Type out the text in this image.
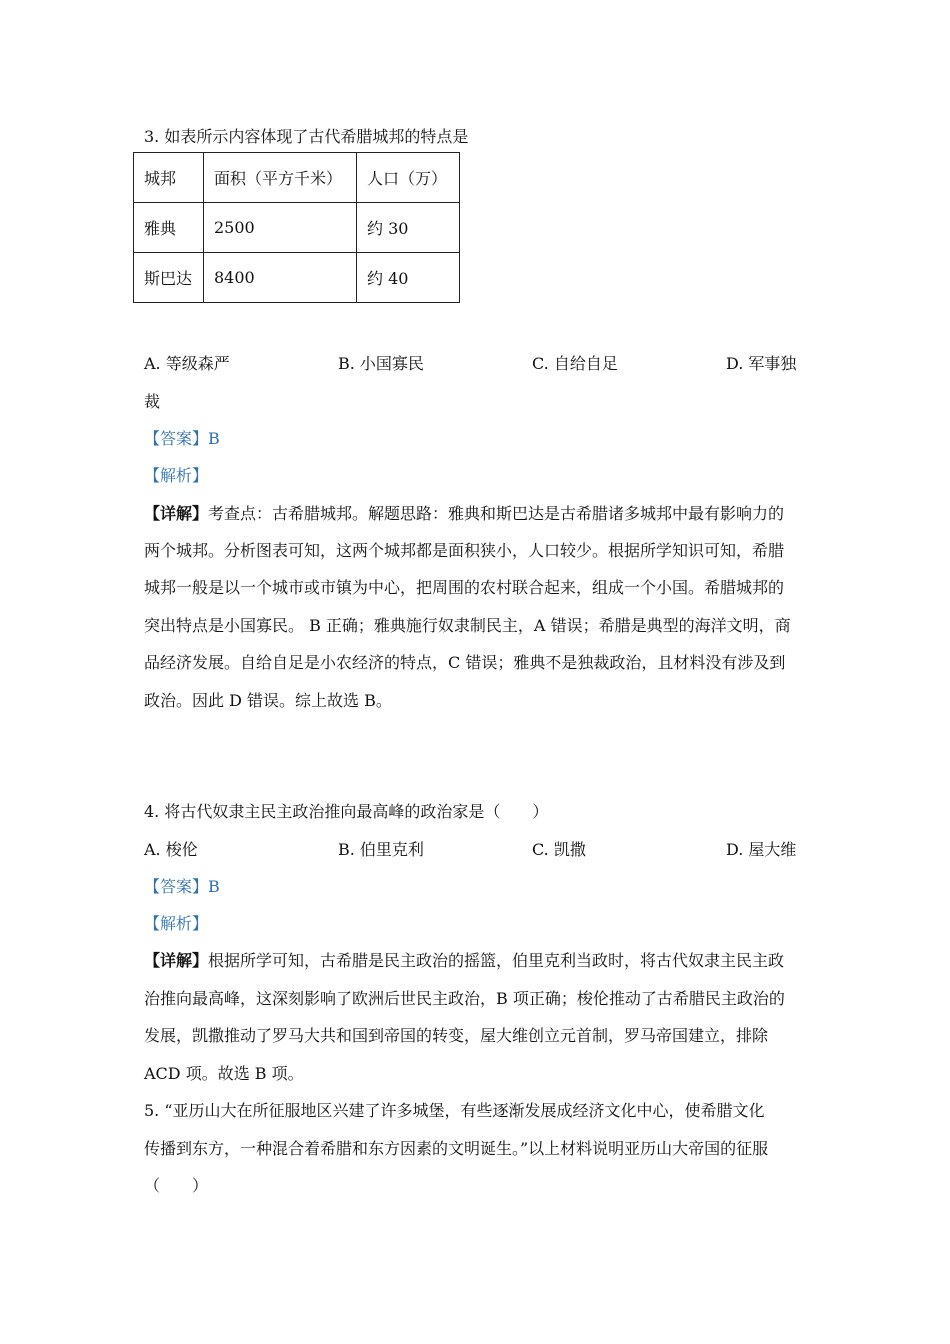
3. 如表所示内容体现了古代希腊城邦的特点是
城邦	面积（平方千米）	人口（万）
雅典	2500	约 30
斯巴达	8400	约 40
A. 等级森严	B. 小国寡民	C. 自给自足	D. 军事独
裁
【答案】B
【解析】
【详解】考查点：古希腊城邦。解题思路：雅典和斯巴达是古希腊诸多城邦中最有影响力的
两个城邦。分析图表可知，这两个城邦都是面积狭小，人口较少。根据所学知识可知，希腊
城邦一般是以一个城市或市镇为中心，把周围的农村联合起来，组成一个小国。希腊城邦的
突出特点是小国寡民。 B 正确；雅典施行奴隶制民主，A 错误；希腊是典型的海洋文明，商
品经济发展。自给自足是小农经济的特点，C 错误；雅典不是独裁政治，且材料没有涉及到
政治。因此 D 错误。综上故选 B。
4. 将古代奴隶主民主政治推向最高峰的政治家是（　　）
A. 梭伦	B. 伯里克利	C. 凯撒	D. 屋大维
【答案】B
【解析】
【详解】根据所学可知，古希腊是民主政治的摇篮，伯里克利当政时，将古代奴隶主民主政
治推向最高峰，这深刻影响了欧洲后世民主政治，B 项正确；梭伦推动了古希腊民主政治的
发展，凯撒推动了罗马大共和国到帝国的转变，屋大维创立元首制，罗马帝国建立，排除
ACD 项。故选 B 项。
5. “亚历山大在所征服地区兴建了许多城堡，有些逐渐发展成经济文化中心，使希腊文化
传播到东方，一种混合着希腊和东方因素的文明诞生。”以上材料说明亚历山大帝国的征服
（　　）
